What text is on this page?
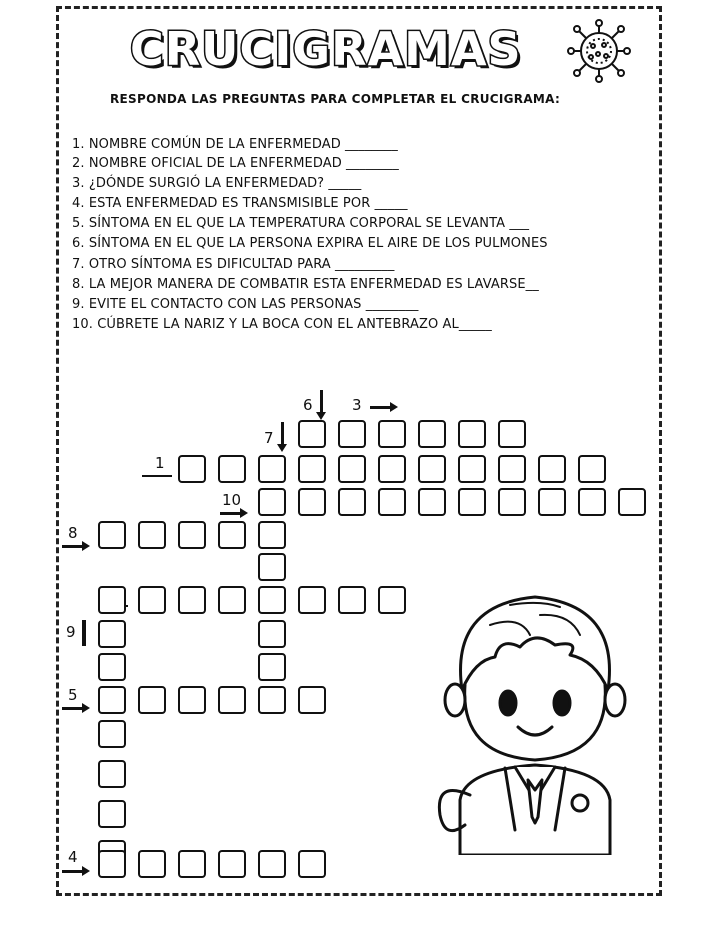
CRUCIGRAMAS
RESPONDA LAS PREGUNTAS PARA COMPLETAR EL CRUCIGRAMA:
1. NOMBRE COMÚN DE LA ENFERMEDAD ________
2. NOMBRE OFICIAL DE LA ENFERMEDAD ________
3. ¿DÓNDE SURGIÓ LA ENFERMEDAD? _____
4. ESTA ENFERMEDAD ES TRANSMISIBLE POR _____
5. SÍNTOMA EN EL QUE LA TEMPERATURA CORPORAL SE LEVANTA ___
6. SÍNTOMA EN EL QUE LA PERSONA EXPIRA EL AIRE DE LOS PULMONES
7. OTRO SÍNTOMA ES DIFICULTAD PARA _________
8. LA MEJOR MANERA DE COMBATIR ESTA ENFERMEDAD ES LAVARSE__
9. EVITE EL CONTACTO CON LAS PERSONAS ________
10. CÚBRETE LA NARIZ Y LA BOCA CON EL ANTEBRAZO AL_____
6	3
7
1
10
8
9
5
4
